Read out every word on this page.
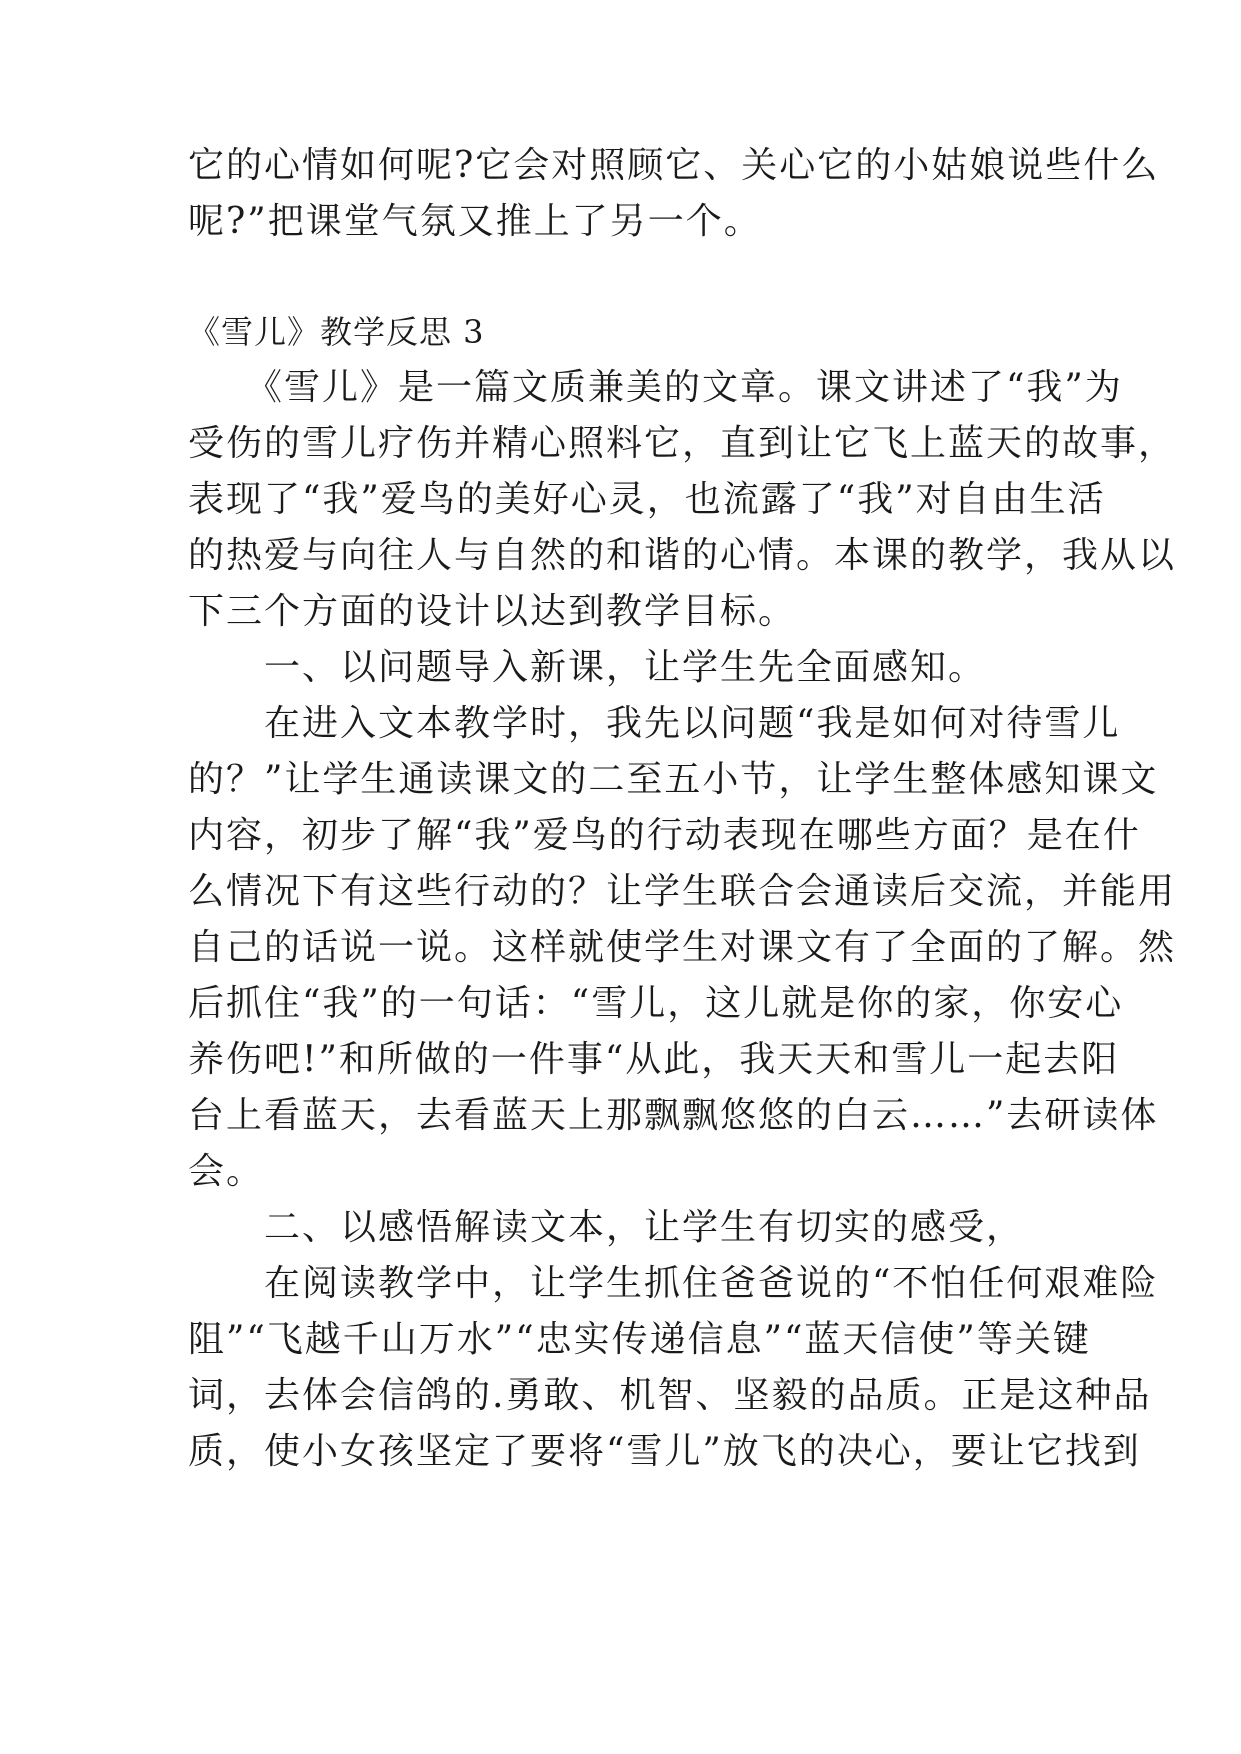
它的心情如何呢?它会对照顾它、关心它的小姑娘说些什么
呢?”把课堂气氛又推上了另一个。
《雪儿》教学反思 3
　　《雪儿》是一篇文质兼美的文章。课文讲述了“我”为
受伤的雪儿疗伤并精心照料它，直到让它飞上蓝天的故事，
表现了“我”爱鸟的美好心灵，也流露了“我”对自由生活
的热爱与向往人与自然的和谐的心情。本课的教学，我从以
下三个方面的设计以达到教学目标。
　　一、以问题导入新课，让学生先全面感知。
　　在进入文本教学时，我先以问题“我是如何对待雪儿
的？”让学生通读课文的二至五小节，让学生整体感知课文
内容，初步了解“我”爱鸟的行动表现在哪些方面？是在什
么情况下有这些行动的？让学生联合会通读后交流，并能用
自己的话说一说。这样就使学生对课文有了全面的了解。然
后抓住“我”的一句话：“雪儿，这儿就是你的家，你安心
养伤吧!”和所做的一件事“从此，我天天和雪儿一起去阳
台上看蓝天，去看蓝天上那飘飘悠悠的白云……”去研读体
会。
　　二、以感悟解读文本，让学生有切实的感受，
　　在阅读教学中，让学生抓住爸爸说的“不怕任何艰难险
阻”“飞越千山万水”“忠实传递信息”“蓝天信使”等关键
词，去体会信鸽的.勇敢、机智、坚毅的品质。正是这种品
质，使小女孩坚定了要将“雪儿”放飞的决心，要让它找到
